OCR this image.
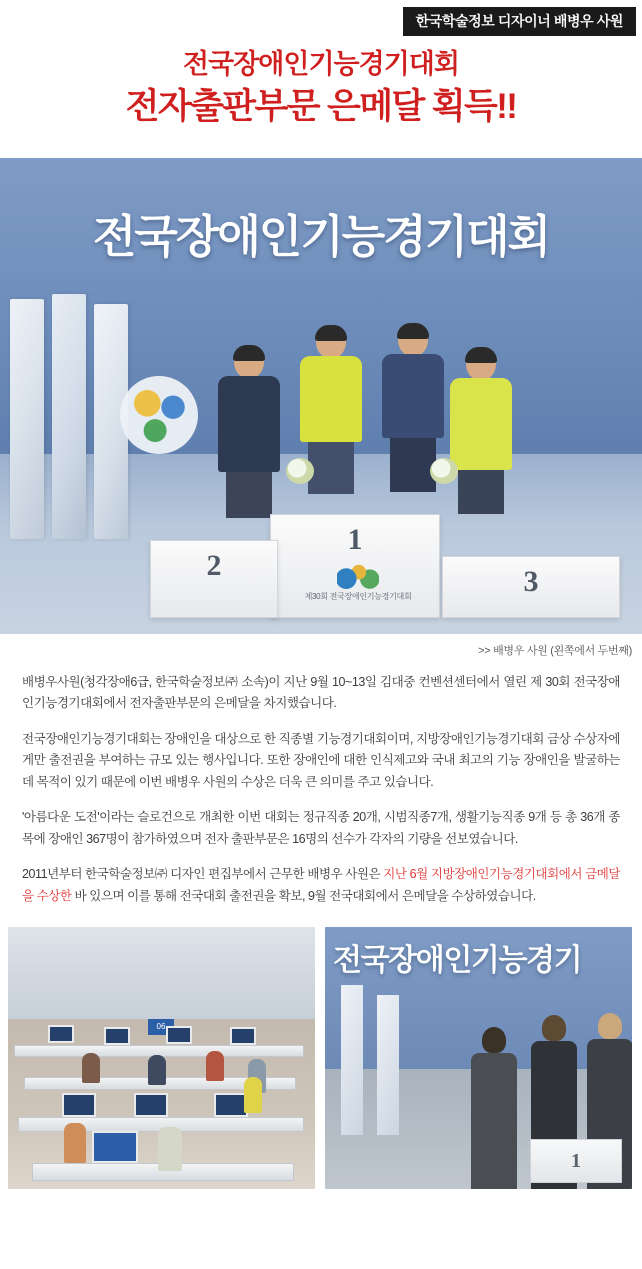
한국학술정보 디자이너 배병우 사원
전국장애인기능경기대회
전자출판부문 은메달 획득!!
전국장애인기능경기대회
1
2	3
제30회 전국장애인기능경기대회
>> 배병우 사원 (왼쪽에서 두번째)

배병우사원(청각장애6급, 한국학술정보㈜ 소속)이 지난 9월 10~13일 김대중 컨벤션센터에서 열린 제 30회 전국장애인기능경기대회에서 전자출판부문의 은메달을 차지했습니다.

전국장애인기능경기대회는 장애인을 대상으로 한 직종별 기능경기대회이며, 지방장애인기능경기대회 금상 수상자에게만 출전권을 부여하는 규모 있는 행사입니다. 또한 장애인에 대한 인식제고와 국내 최고의 기능 장애인을 발굴하는 데 목적이 있기 때문에 이번 배병우 사원의 수상은 더욱 큰 의미를 주고 있습니다.

'아름다운 도전'이라는 슬로건으로 개최한 이번 대회는 정규직종 20개, 시범직종7개, 생활기능직종 9개 등 총 36개 종목에 장애인 367명이 참가하였으며 전자 출판부문은 16명의 선수가 각자의 기량을 선보였습니다.

2011년부터 한국학술정보㈜ 디자인 편집부에서 근무한 배병우 사원은 지난 6월 지방장애인기능경기대회에서 금메달을 수상한 바 있으며 이를 통해 전국대회 출전권을 확보, 9월 전국대회에서 은메달을 수상하였습니다.

06
전국장애인기능경기
1
